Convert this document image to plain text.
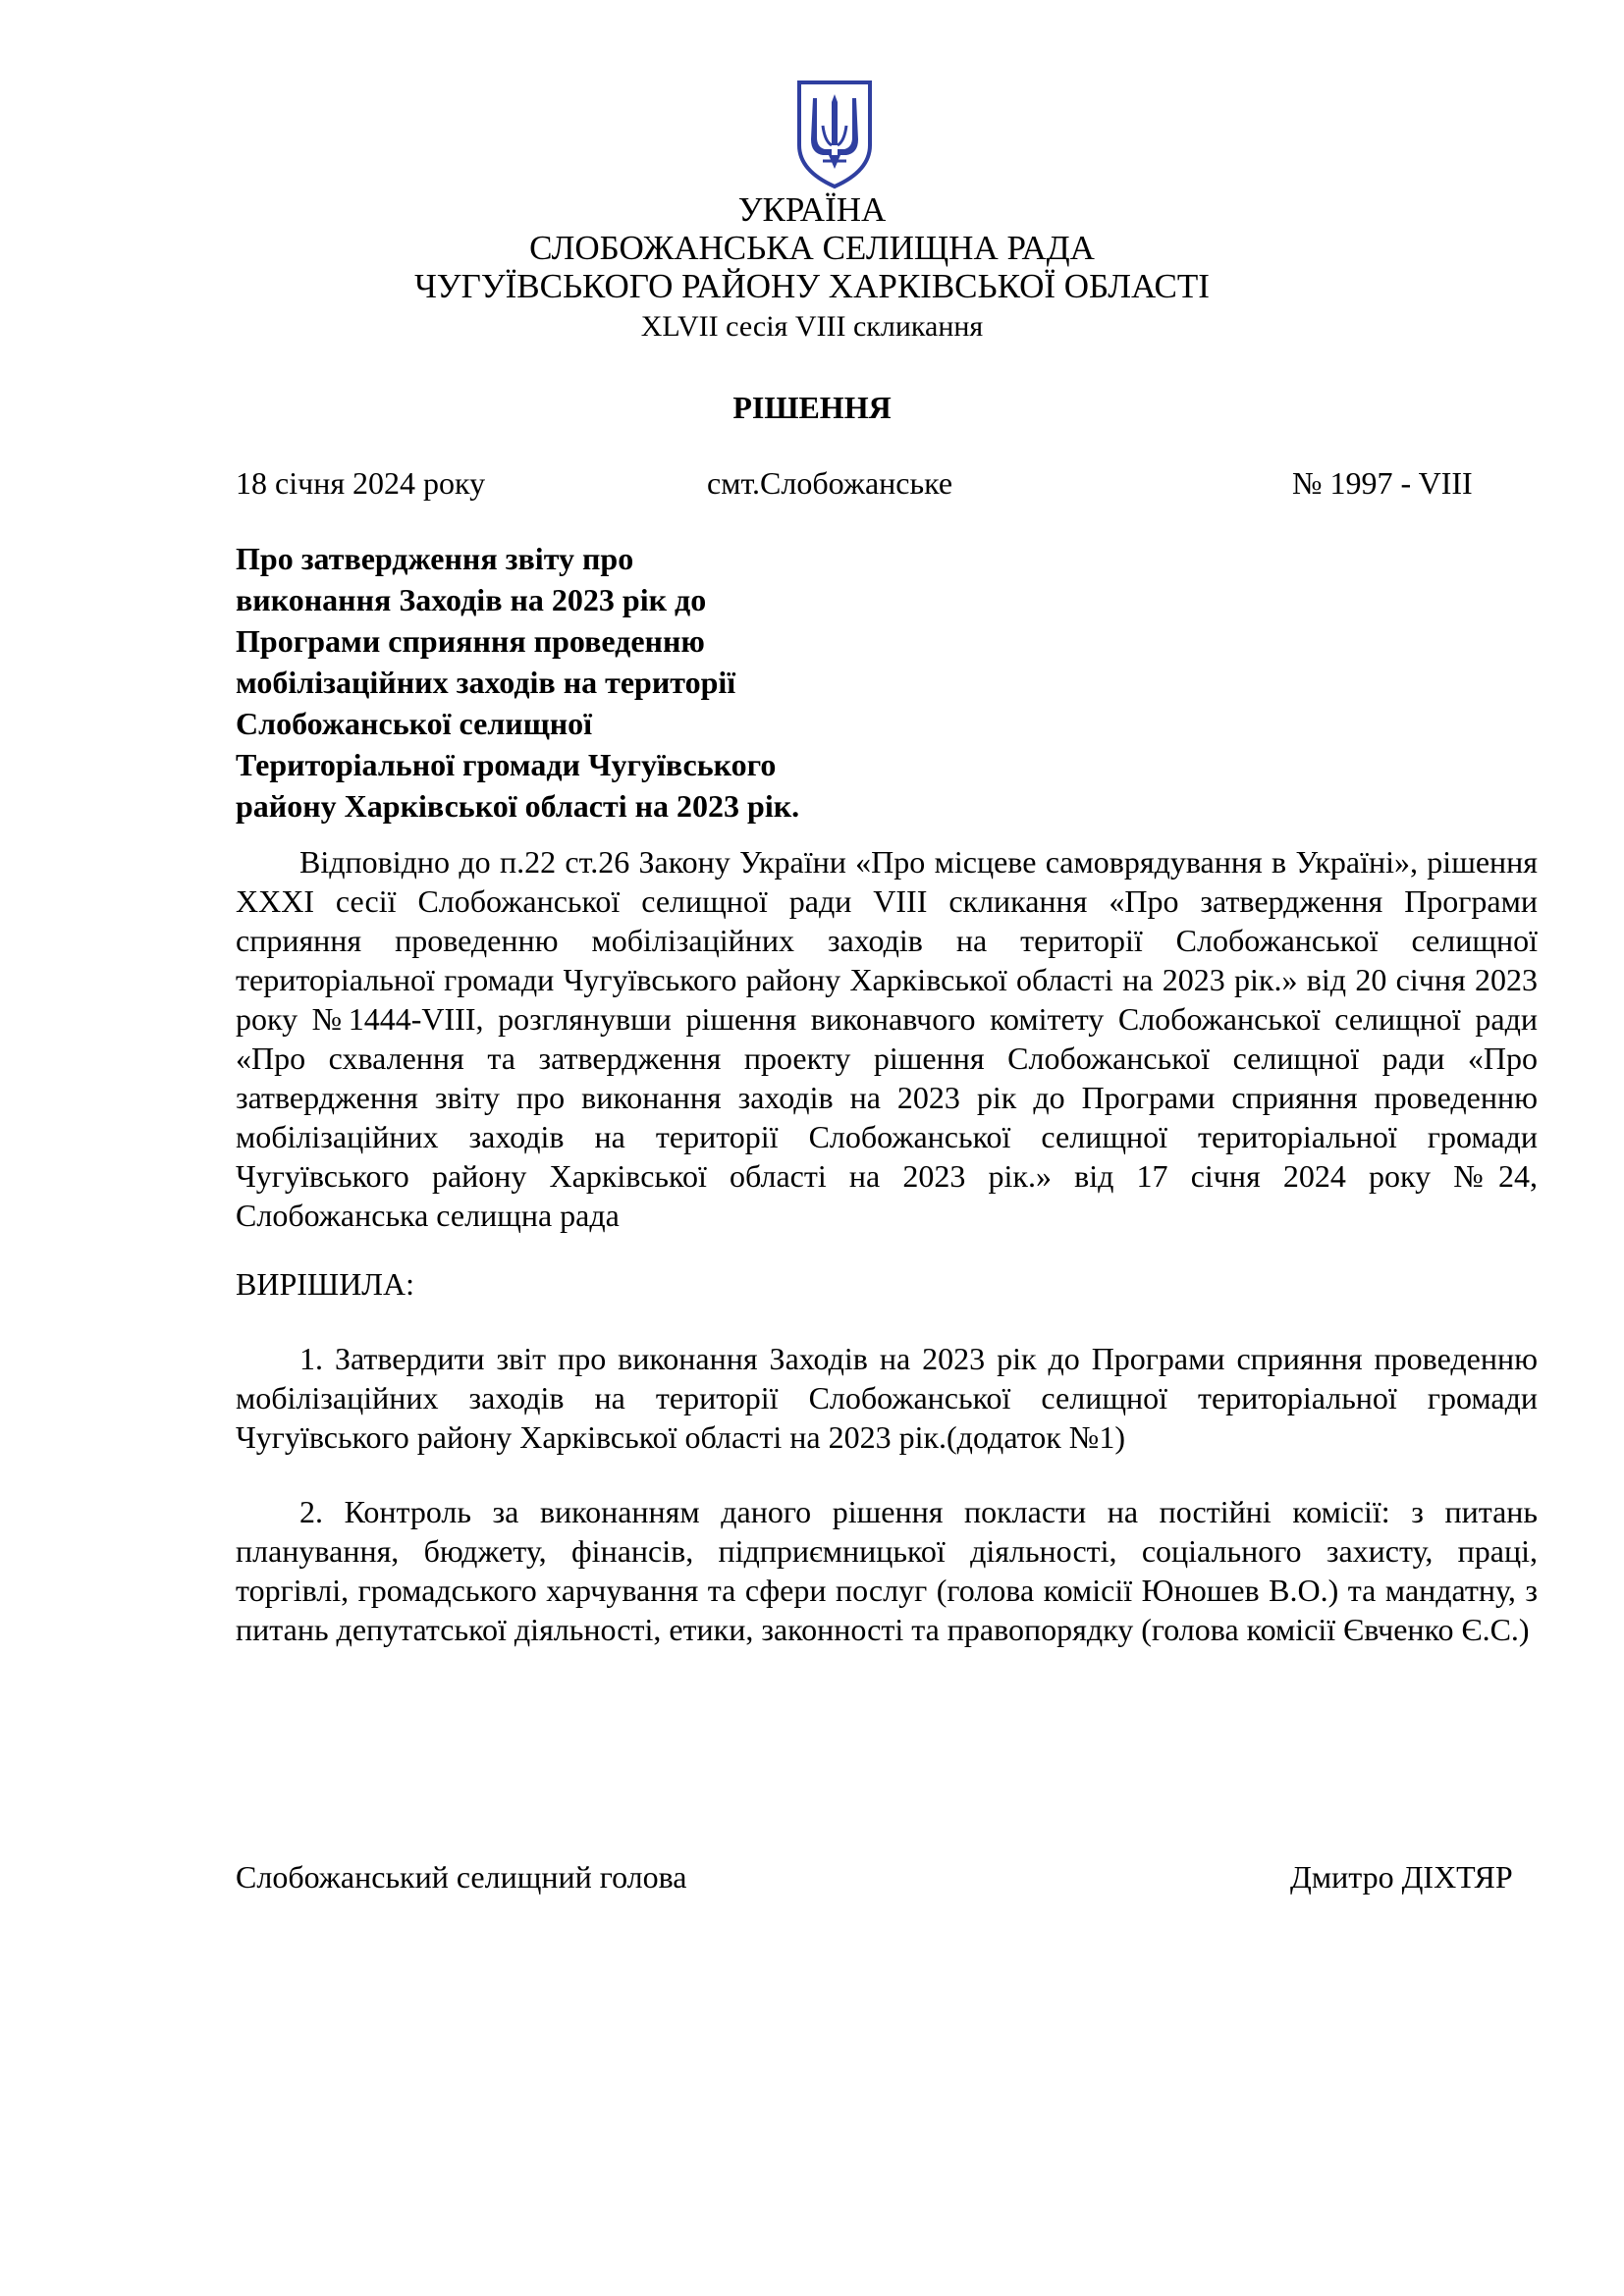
УКРАЇНА
СЛОБОЖАНСЬКА СЕЛИЩНА РАДА
ЧУГУЇВСЬКОГО РАЙОНУ ХАРКІВСЬКОЇ ОБЛАСТІ
XLVII сесія VIII скликання
РІШЕННЯ
18 січня 2024 року	смт.Слобожанське	№ 1997 - VIII
Про затвердження звіту про
виконання Заходів на 2023 рік до
Програми сприяння проведенню
мобілізаційних заходів на території
Слобожанської селищної
Територіальної громади Чугуївського
району Харківської області на 2023 рік.
Відповідно до п.22 ст.26 Закону України «Про місцеве самоврядування в Україні», рішення XXXI сесії Слобожанської селищної ради VIII скликання «Про затвердження Програми сприяння проведенню мобілізаційних заходів на території Слобожанської селищної територіальної громади Чугуївського району Харківської області на 2023 рік.» від 20 січня 2023 року №1444-VIII, розглянувши рішення виконавчого комітету Слобожанської селищної ради «Про схвалення та затвердження проекту рішення Слобожанської селищної ради «Про затвердження звіту про виконання заходів на 2023 рік до Програми сприяння проведенню мобілізаційних заходів на території Слобожанської селищної територіальної громади Чугуївського району Харківської області на 2023 рік.» від 17 січня 2024 року №24, Слобожанська селищна рада
ВИРІШИЛА:
1. Затвердити звіт про виконання Заходів на 2023 рік до Програми сприяння проведенню мобілізаційних заходів на території Слобожанської селищної територіальної громади Чугуївського району Харківської області на 2023 рік.(додаток №1)
2. Контроль за виконанням даного рішення покласти на постійні комісії: з питань планування, бюджету, фінансів, підприємницької діяльності, соціального захисту, праці, торгівлі, громадського харчування та сфери послуг (голова комісії Юношев В.О.) та мандатну, з питань депутатської діяльності, етики, законності та правопорядку (голова комісії Євченко Є.С.)
Слобожанський селищний голова	Дмитро ДІХТЯР
